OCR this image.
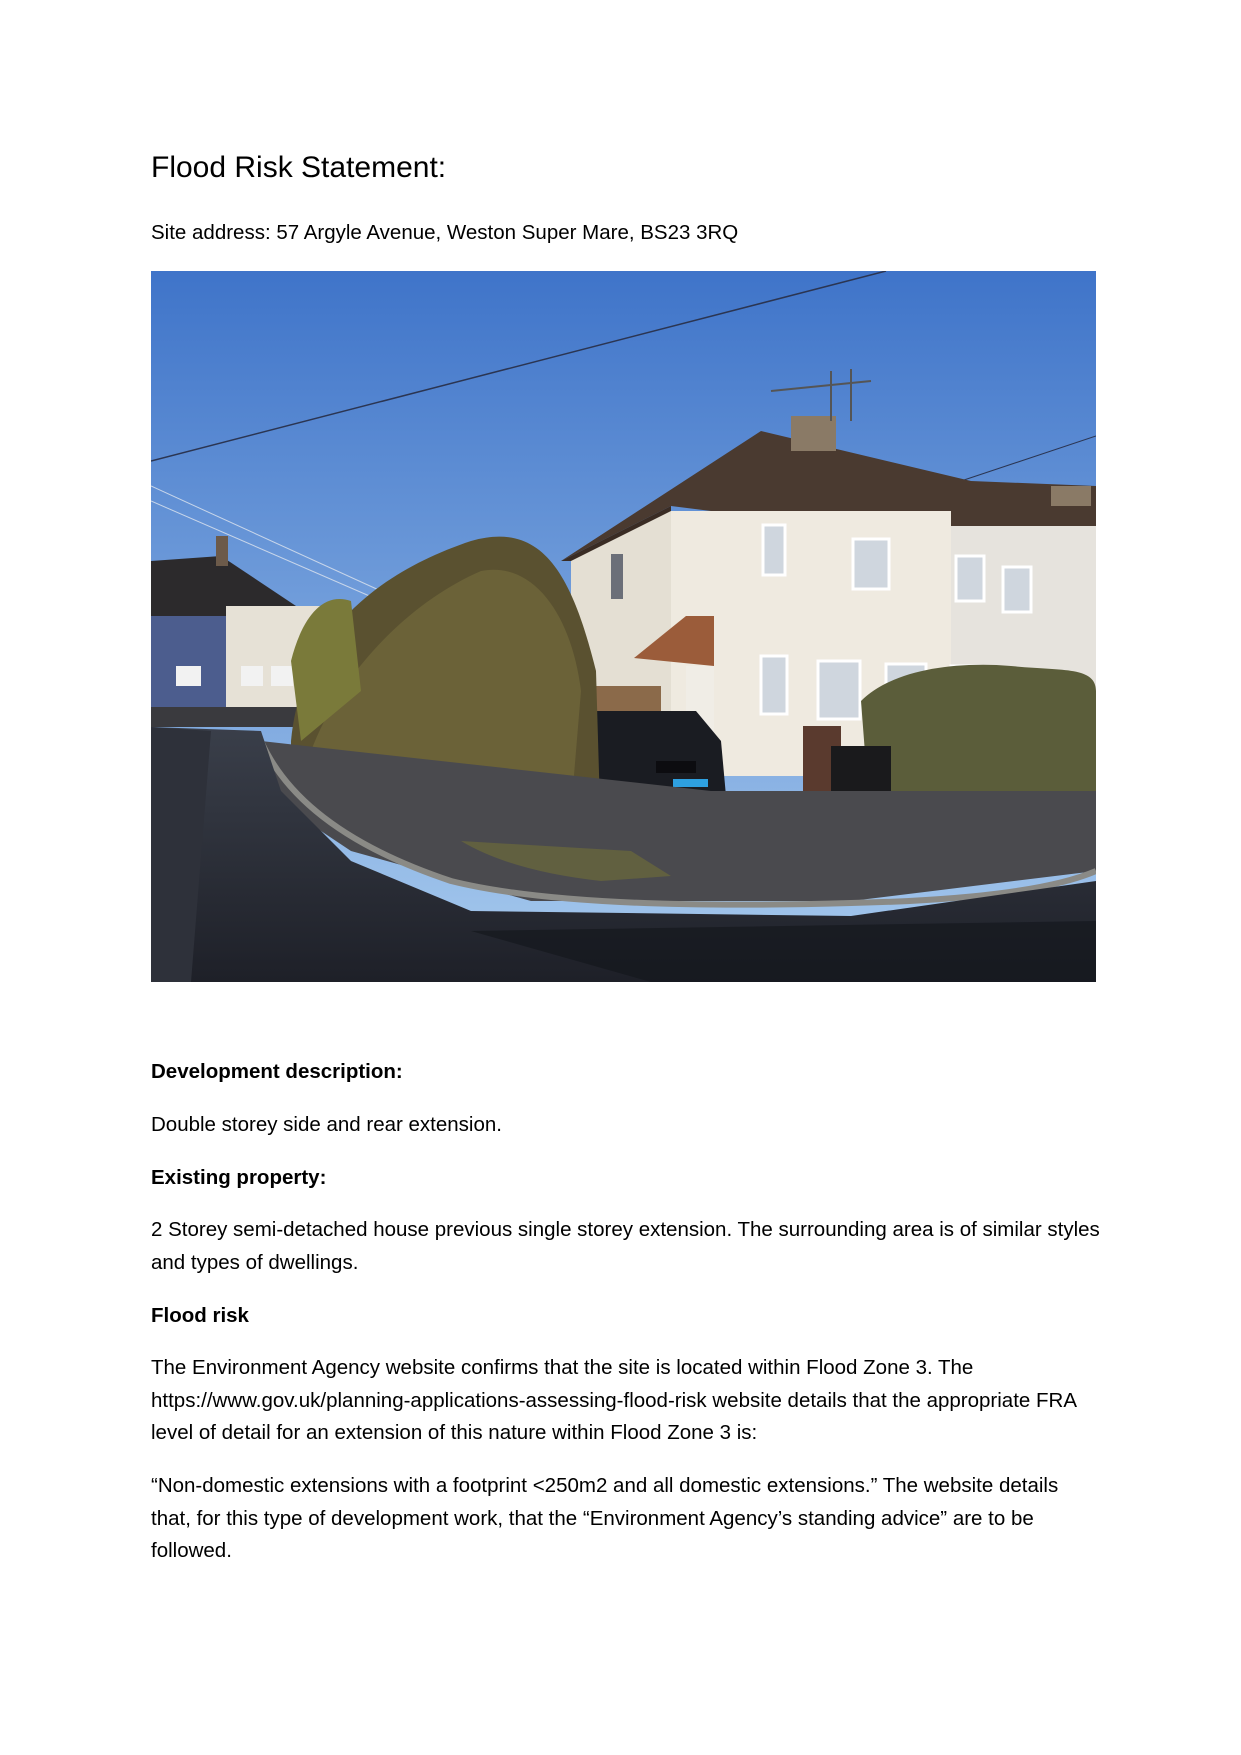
Flood Risk Statement:

Site address: 57 Argyle Avenue, Weston Super Mare, BS23 3RQ

Development description:

Double storey side and rear extension.

Existing property:

2 Storey semi-detached house previous single storey extension. The surrounding area is of similar styles and types of dwellings.

Flood risk

The Environment Agency website confirms that the site is located within Flood Zone 3. The https://www.gov.uk/planning-applications-assessing-flood-risk website details that the appropriate FRA level of detail for an extension of this nature within Flood Zone 3 is:

“Non-domestic extensions with a footprint <250m2 and all domestic extensions.” The website details that, for this type of development work, that the “Environment Agency’s standing advice” are to be followed.
